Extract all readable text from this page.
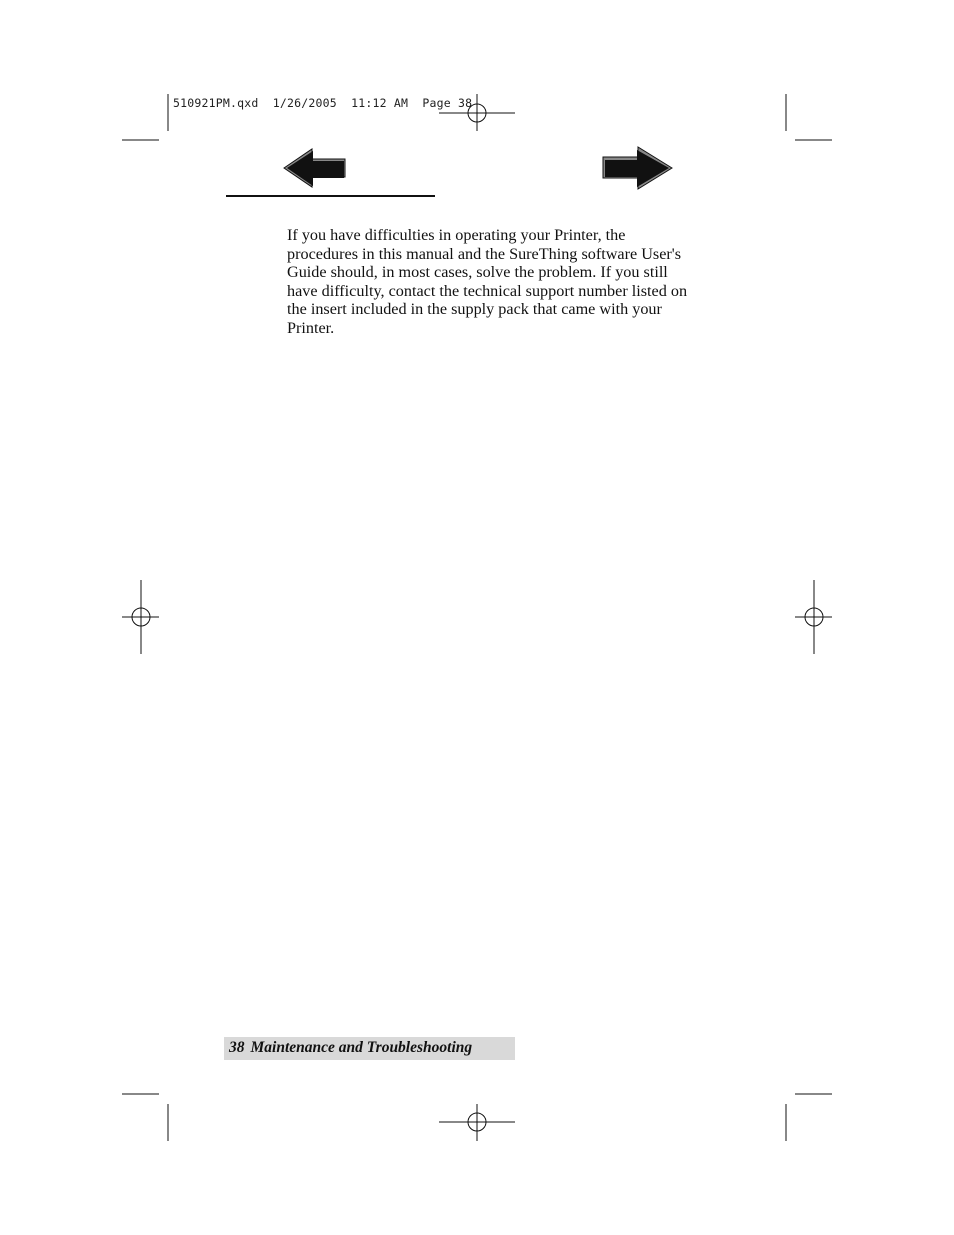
510921PM.qxd  1/26/2005  11:12 AM  Page 38

If you have difficulties in operating your Printer, the
procedures in this manual and the SureThing software User's
Guide should, in most cases, solve the problem. If you still
have difficulty, contact the technical support number listed on
the insert included in the supply pack that came with your
Printer.

38 Maintenance and Troubleshooting
